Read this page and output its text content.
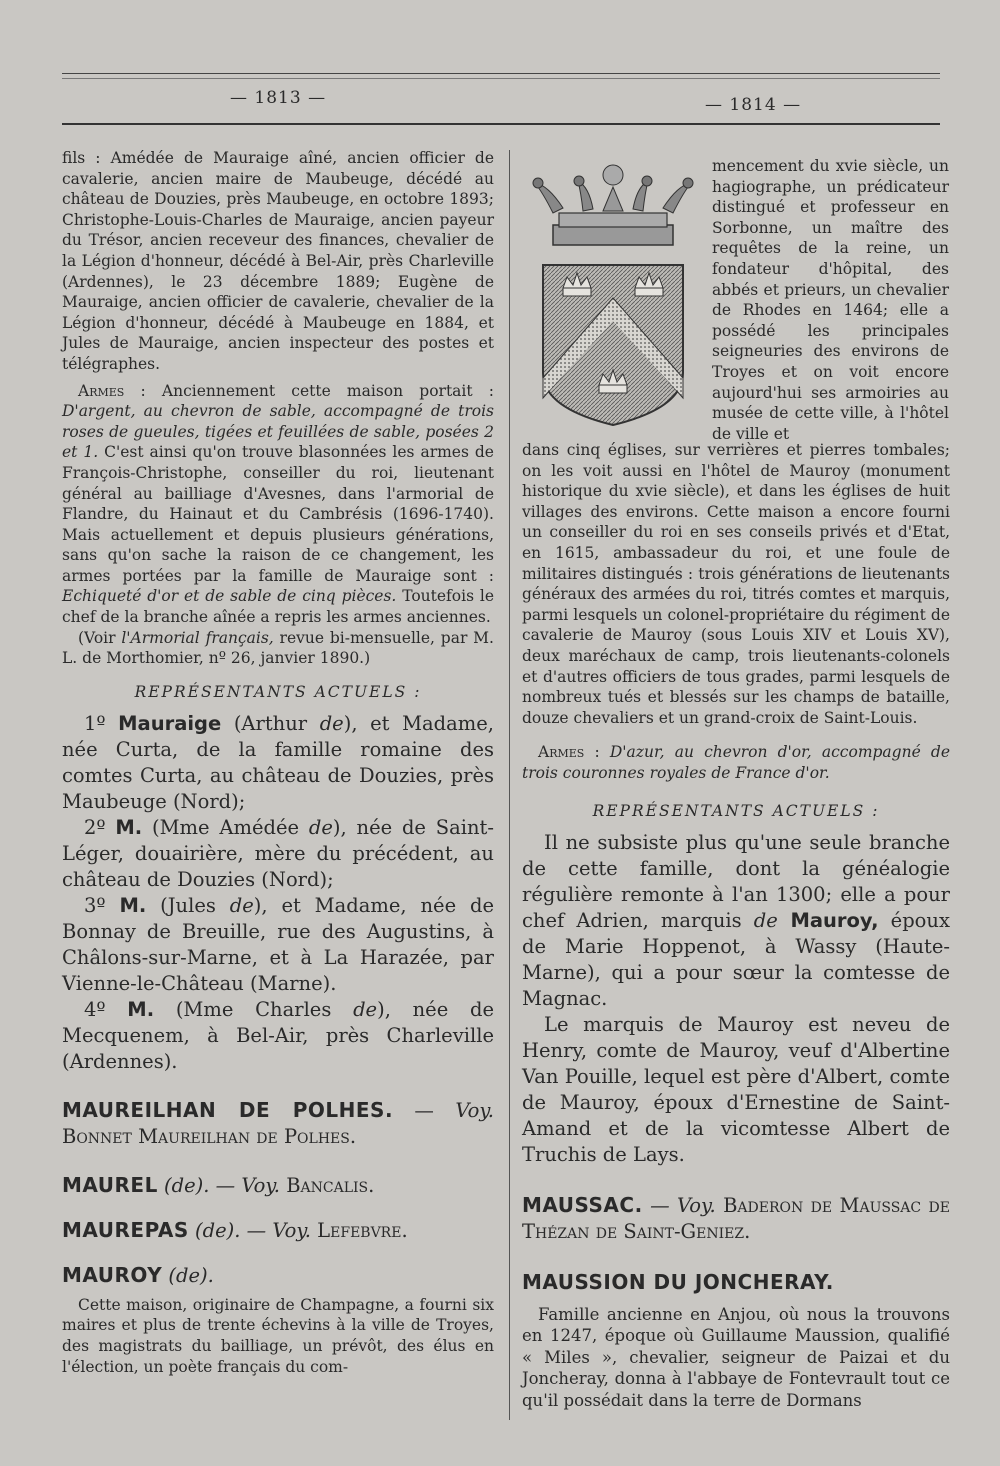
— 1813 —	— 1814 —

fils : Amédée de Mauraige aîné, ancien officier de cavalerie, ancien maire de Maubeuge, décédé au château de Douzies, près Maubeuge, en octobre 1893; Christophe-Louis-Charles de Mauraige, ancien payeur du Trésor, ancien receveur des finances, chevalier de la Légion d'honneur, décédé à Bel-Air, près Charleville (Ardennes), le 23 décembre 1889; Eugène de Mauraige, ancien officier de cavalerie, chevalier de la Légion d'honneur, décédé à Maubeuge en 1884, et Jules de Mauraige, ancien inspecteur des postes et télégraphes.

Armes : Anciennement cette maison portait : D'argent, au chevron de sable, accompagné de trois roses de gueules, tigées et feuillées de sable, posées 2 et 1. C'est ainsi qu'on trouve blasonnées les armes de François-Christophe, conseiller du roi, lieutenant général au bailliage d'Avesnes, dans l'armorial de Flandre, du Hainaut et du Cambrésis (1696-1740). Mais actuellement et depuis plusieurs générations, sans qu'on sache la raison de ce changement, les armes portées par la famille de Mauraige sont : Echiqueté d'or et de sable de cinq pièces. Toutefois le chef de la branche aînée a repris les armes anciennes.

(Voir l'Armorial français, revue bi-mensuelle, par M. L. de Morthomier, nº 26, janvier 1890.)

REPRÉSENTANTS ACTUELS :

1º Mauraige (Arthur de), et Madame, née Curta, de la famille romaine des comtes Curta, au château de Douzies, près Maubeuge (Nord);

2º M. (Mme Amédée de), née de Saint-Léger, douairière, mère du précédent, au château de Douzies (Nord);

3º M. (Jules de), et Madame, née de Bonnay de Breuille, rue des Augustins, à Châlons-sur-Marne, et à La Harazée, par Vienne-le-Château (Marne).

4º M. (Mme Charles de), née de Mecquenem, à Bel-Air, près Charleville (Ardennes).

MAUREILHAN DE POLHES. — Voy. Bonnet Maureilhan de Polhes.

MAUREL (de). — Voy. Bancalis.

MAUREPAS (de). — Voy. Lefebvre.

MAUROY (de).

Cette maison, originaire de Champagne, a fourni six maires et plus de trente échevins à la ville de Troyes, des magistrats du bailliage, un prévôt, des élus en l'élection, un poète français du com-

mencement du xvie siècle, un hagiographe, un prédicateur distingué et professeur en Sorbonne, un maître des requêtes de la reine, un fondateur d'hôpital, des abbés et prieurs, un chevalier de Rhodes en 1464; elle a possédé les principales seigneuries des environs de Troyes et on voit encore aujourd'hui ses armoiries au musée de cette ville, à l'hôtel de ville et

dans cinq églises, sur verrières et pierres tombales; on les voit aussi en l'hôtel de Mauroy (monument historique du xvie siècle), et dans les églises de huit villages des environs. Cette maison a encore fourni un conseiller du roi en ses conseils privés et d'Etat, en 1615, ambassadeur du roi, et une foule de militaires distingués : trois générations de lieutenants généraux des armées du roi, titrés comtes et marquis, parmi lesquels un colonel-propriétaire du régiment de cavalerie de Mauroy (sous Louis XIV et Louis XV), deux maréchaux de camp, trois lieutenants-colonels et d'autres officiers de tous grades, parmi lesquels de nombreux tués et blessés sur les champs de bataille, douze chevaliers et un grand-croix de Saint-Louis.

Armes : D'azur, au chevron d'or, accompagné de trois couronnes royales de France d'or.

REPRÉSENTANTS ACTUELS :

Il ne subsiste plus qu'une seule branche de cette famille, dont la généalogie régulière remonte à l'an 1300; elle a pour chef Adrien, marquis de Mauroy, époux de Marie Hoppenot, à Wassy (Haute-Marne), qui a pour sœur la comtesse de Magnac.

Le marquis de Mauroy est neveu de Henry, comte de Mauroy, veuf d'Albertine Van Pouille, lequel est père d'Albert, comte de Mauroy, époux d'Ernestine de Saint-Amand et de la vicomtesse Albert de Truchis de Lays.

MAUSSAC. — Voy. Baderon de Maussac de Thézan de Saint-Geniez.

MAUSSION DU JONCHERAY.

Famille ancienne en Anjou, où nous la trouvons en 1247, époque où Guillaume Maussion, qualifié « Miles », chevalier, seigneur de Paizai et du Joncheray, donna à l'abbaye de Fontevrault tout ce qu'il possédait dans la terre de Dormans
